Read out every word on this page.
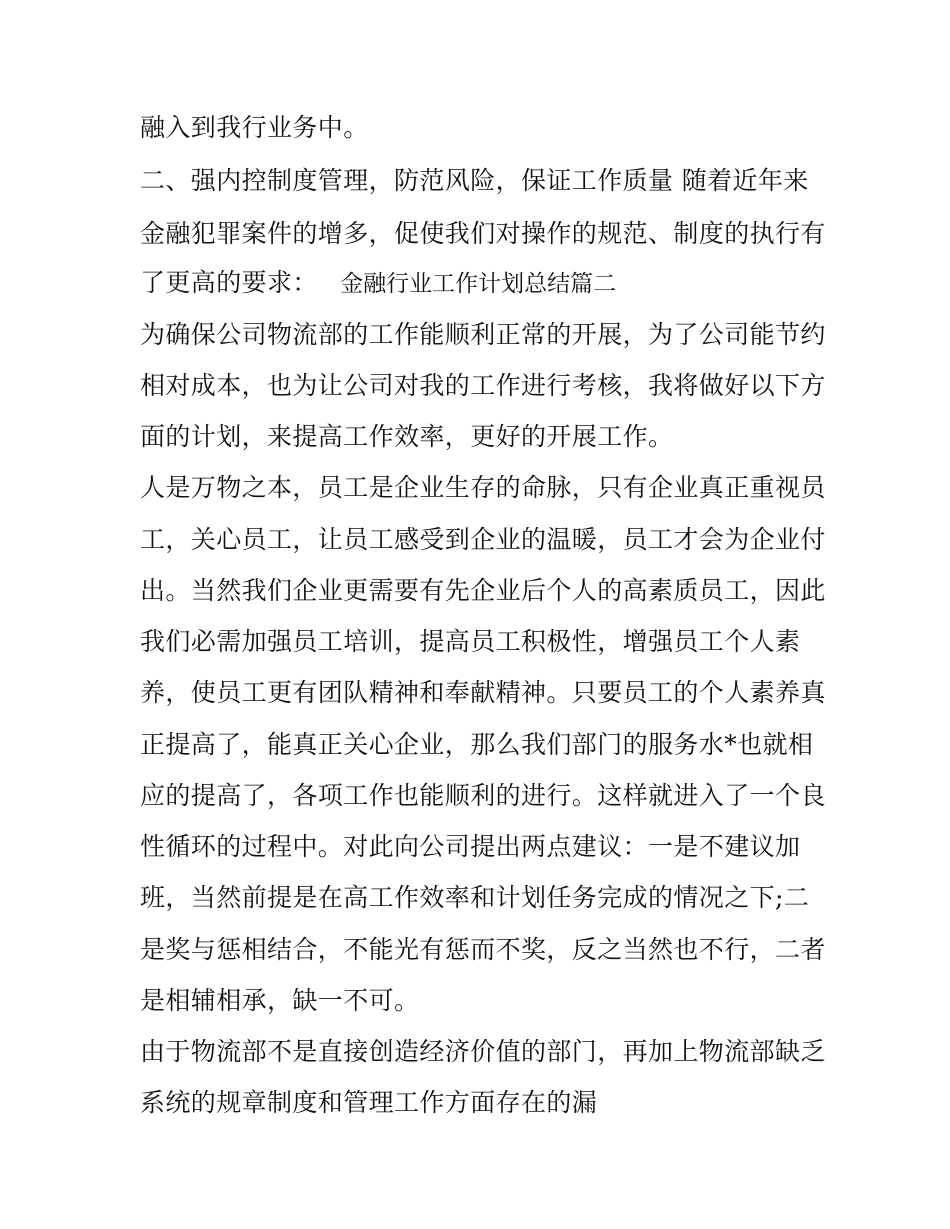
融入到我行业务中。
二、强内控制度管理，防范风险，保证工作质量 随着近年来
金融犯罪案件的增多，促使我们对操作的规范、制度的执行有
了更高的要求： 金融行业工作计划总结篇二
为确保公司物流部的工作能顺利正常的开展，为了公司能节约
相对成本，也为让公司对我的工作进行考核，我将做好以下方
面的计划，来提高工作效率，更好的开展工作。
人是万物之本，员工是企业生存的命脉，只有企业真正重视员
工，关心员工，让员工感受到企业的温暖，员工才会为企业付
出。当然我们企业更需要有先企业后个人的高素质员工，因此
我们必需加强员工培训，提高员工积极性，增强员工个人素
养，使员工更有团队精神和奉献精神。只要员工的个人素养真
正提高了，能真正关心企业，那么我们部门的服务水*也就相
应的提高了，各项工作也能顺利的进行。这样就进入了一个良
性循环的过程中。对此向公司提出两点建议：一是不建议加
班，当然前提是在高工作效率和计划任务完成的情况之下;二
是奖与惩相结合，不能光有惩而不奖，反之当然也不行，二者
是相辅相承，缺一不可。
由于物流部不是直接创造经济价值的部门，再加上物流部缺乏
系统的规章制度和管理工作方面存在的漏
